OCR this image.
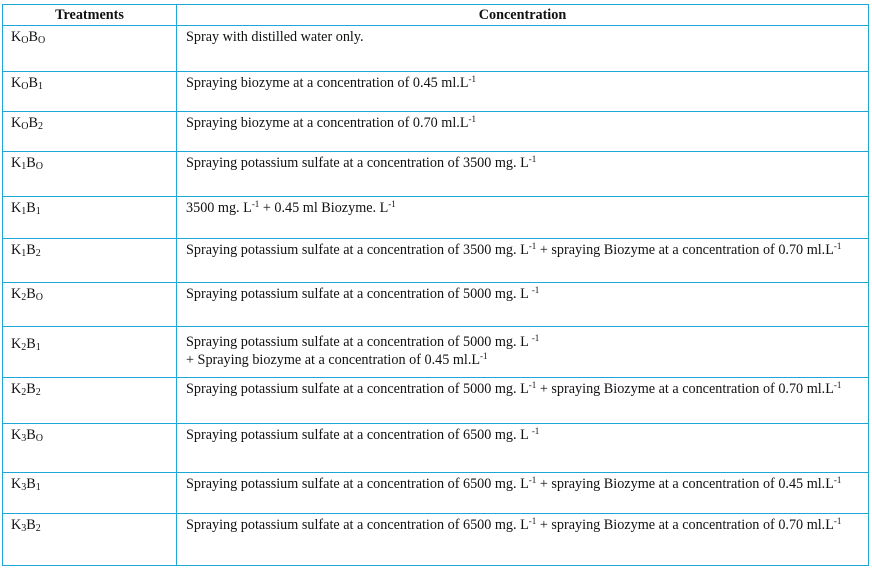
Treatments	Concentration
$K_OB_O$	Spray with distilled water only.
$K_OB_1$	Spraying biozyme at a concentration of 0.45 $ml.L^{-1}$
$K_OB_2$	Spraying biozyme at a concentration of 0.70 $ml.L^{-1}$
$K_1B_O$	Spraying potassium sulfate at a concentration of 3500 mg. $L^{-1}$
$K_1B_1$	3500 mg. $L^{-1} + 0.45$ ml Biozyme. $L^{-1}$
$K_1B_2$	Spraying potassium sulfate at a concentration of 3500 mg. $L^{-1}$ + spraying Biozyme at a concentration of 0.70 $ml.L^{-1}$
$K_2B_O$	Spraying potassium sulfate at a concentration of 5000 mg. L $^{-1}$
$K_2B_1$	Spraying potassium sulfate at a concentration of 5000 mg. L $^{-1}$
+ Spraying biozyme at a concentration of 0.45 $ml.L^{-1}$
$K_2B_2$	Spraying potassium sulfate at a concentration of 5000 mg. $L^{-1}$ + spraying Biozyme at a concentration of 0.70 $ml.L^{-1}$
$K_3B_O$	Spraying potassium sulfate at a concentration of 6500 mg. L $^{-1}$
$K_3B_1$	Spraying potassium sulfate at a concentration of 6500 mg. $L^{-1}$ + spraying Biozyme at a concentration of 0.45 $ml.L^{-1}$
$K_3B_2$	Spraying potassium sulfate at a concentration of 6500 mg. $L^{-1}$ + spraying Biozyme at a concentration of 0.70 $ml.L^{-1}$
